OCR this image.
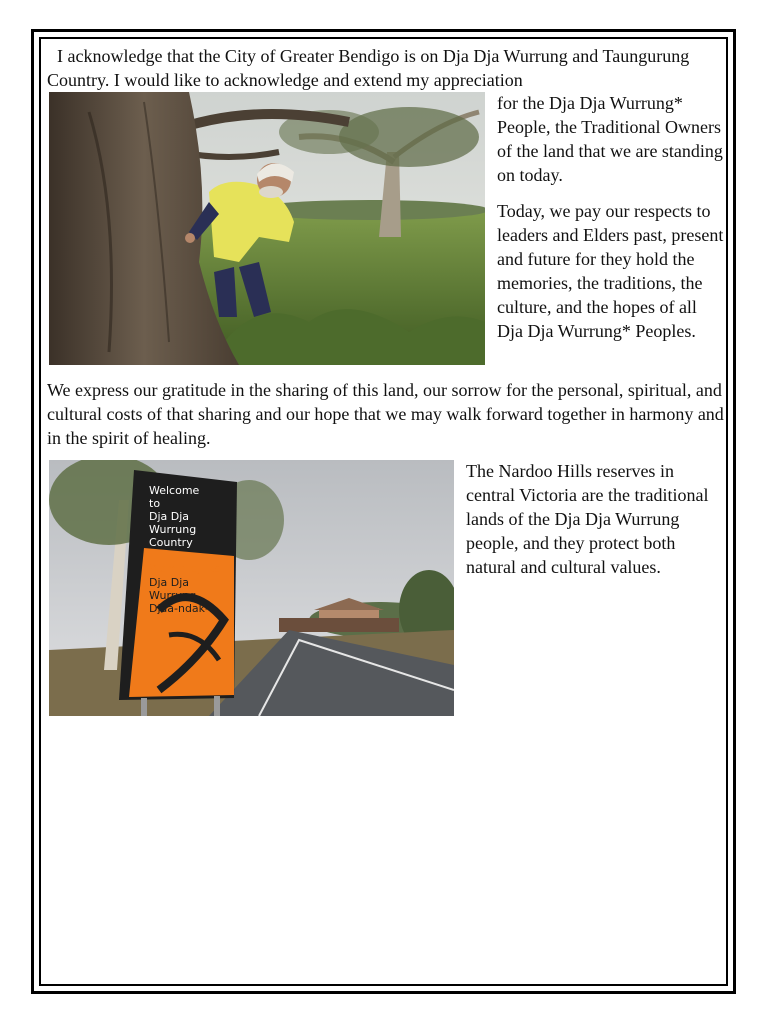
I acknowledge that the City of Greater Bendigo is on Dja Dja Wurrung and Taungurung Country. I would like to acknowledge and extend my appreciation

for the Dja Dja Wurrung* People, the Traditional Owners of the land that we are standing on today.

Today, we pay our respects to leaders and Elders past, present and future for they hold the memories, the traditions, the culture, and the hopes of all Dja Dja Wurrung* Peoples.

We express our gratitude in the sharing of this land, our sorrow for the personal, spiritual, and cultural costs of that sharing and our hope that we may walk forward together in harmony and in the spirit of healing.

Welcome to Dja Dja Wurrung Country
Womin-dji-ka
Dja Dja Wurrung Djaa-ndak-i

The Nardoo Hills reserves in central Victoria are the traditional lands of the Dja Dja Wurrung people, and they protect both natural and cultural values.
